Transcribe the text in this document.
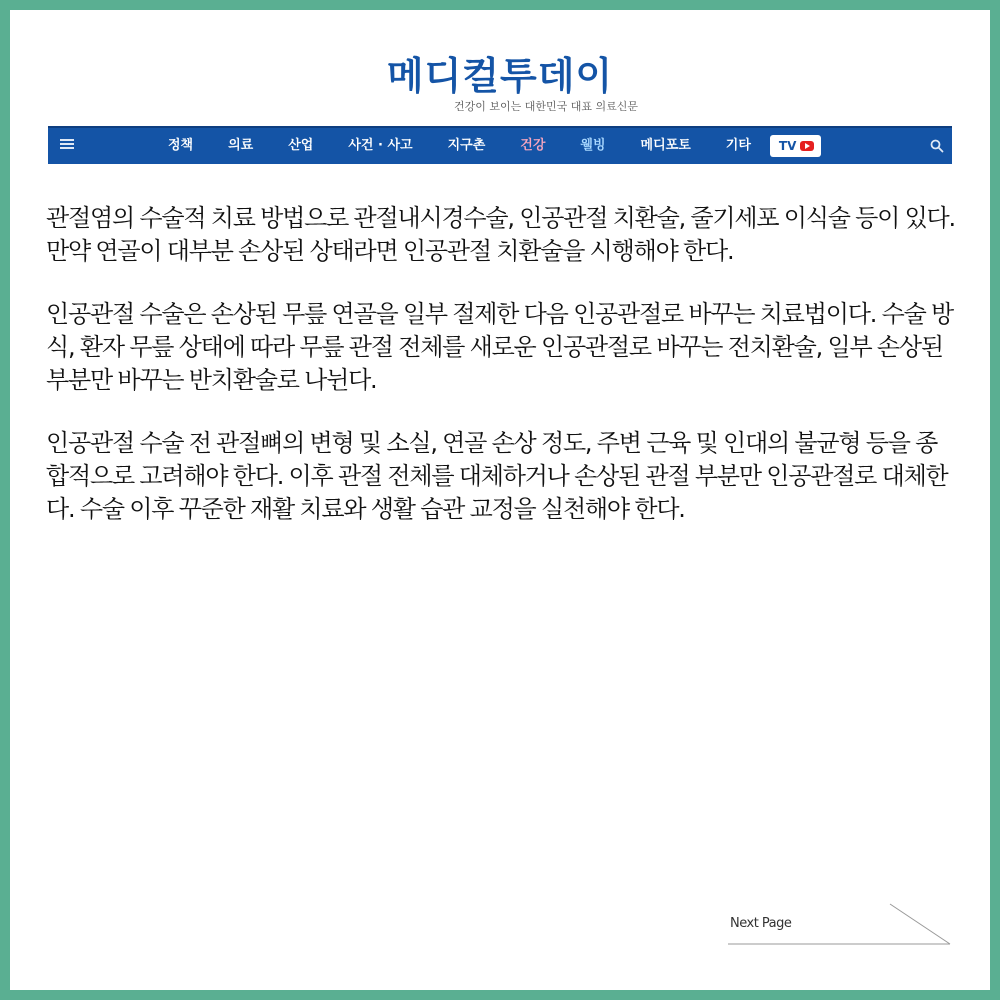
메디컬투데이
건강이 보이는 대한민국 대표 의료신문
정책	의료	산업	사건 · 사고	지구촌	건강	웰빙	메디포토	기타 TV

관절염의 수술적 치료 방법으로 관절내시경수술, 인공관절 치환술, 줄기세포 이식술 등이 있다. 만약 연골이 대부분 손상된 상태라면 인공관절 치환술을 시행해야 한다.

인공관절 수술은 손상된 무릎 연골을 일부 절제한 다음 인공관절로 바꾸는 치료법이다. 수술 방식, 환자 무릎 상태에 따라 무릎 관절 전체를 새로운 인공관절로 바꾸는 전치환술, 일부 손상된 부분만 바꾸는 반치환술로 나뉜다.

인공관절 수술 전 관절뼈의 변형 및 소실, 연골 손상 정도, 주변 근육 및 인대의 불균형 등을 종합적으로 고려해야 한다. 이후 관절 전체를 대체하거나 손상된 관절 부분만 인공관절로 대체한다. 수술 이후 꾸준한 재활 치료와 생활 습관 교정을 실천해야 한다.

Next Page
